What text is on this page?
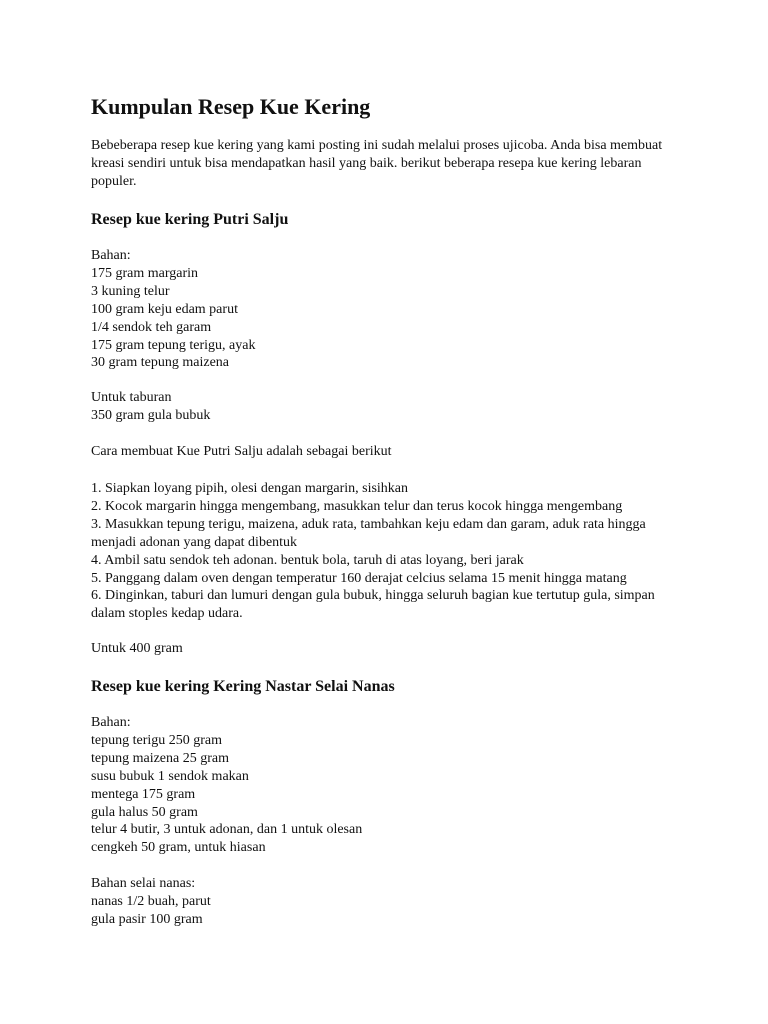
Kumpulan Resep Kue Kering

Bebeberapa resep kue kering yang kami posting ini sudah melalui proses ujicoba. Anda bisa membuat kreasi sendiri untuk bisa mendapatkan hasil yang baik. berikut beberapa resepa kue kering lebaran populer.

Resep kue kering Putri Salju
Bahan:
175 gram margarin
3 kuning telur
100 gram keju edam parut
1/4 sendok teh garam
175 gram tepung terigu, ayak
30 gram tepung maizena
Untuk taburan
350 gram gula bubuk
Cara membuat Kue Putri Salju adalah sebagai berikut
1. Siapkan loyang pipih, olesi dengan margarin, sisihkan
2. Kocok margarin hingga mengembang, masukkan telur dan terus kocok hingga mengembang
3. Masukkan tepung terigu, maizena, aduk rata, tambahkan keju edam dan garam, aduk rata hingga menjadi adonan yang dapat dibentuk
4. Ambil satu sendok teh adonan. bentuk bola, taruh di atas loyang, beri jarak
5. Panggang dalam oven dengan temperatur 160 derajat celcius selama 15 menit hingga matang
6. Dinginkan, taburi dan lumuri dengan gula bubuk, hingga seluruh bagian kue tertutup gula, simpan dalam stoples kedap udara.
Untuk 400 gram
Resep kue kering Kering Nastar Selai Nanas
Bahan:
tepung terigu 250 gram
tepung maizena 25 gram
susu bubuk 1 sendok makan
mentega 175 gram
gula halus 50 gram
telur 4 butir, 3 untuk adonan, dan 1 untuk olesan
cengkeh 50 gram, untuk hiasan
Bahan selai nanas:
nanas 1/2 buah, parut
gula pasir 100 gram
